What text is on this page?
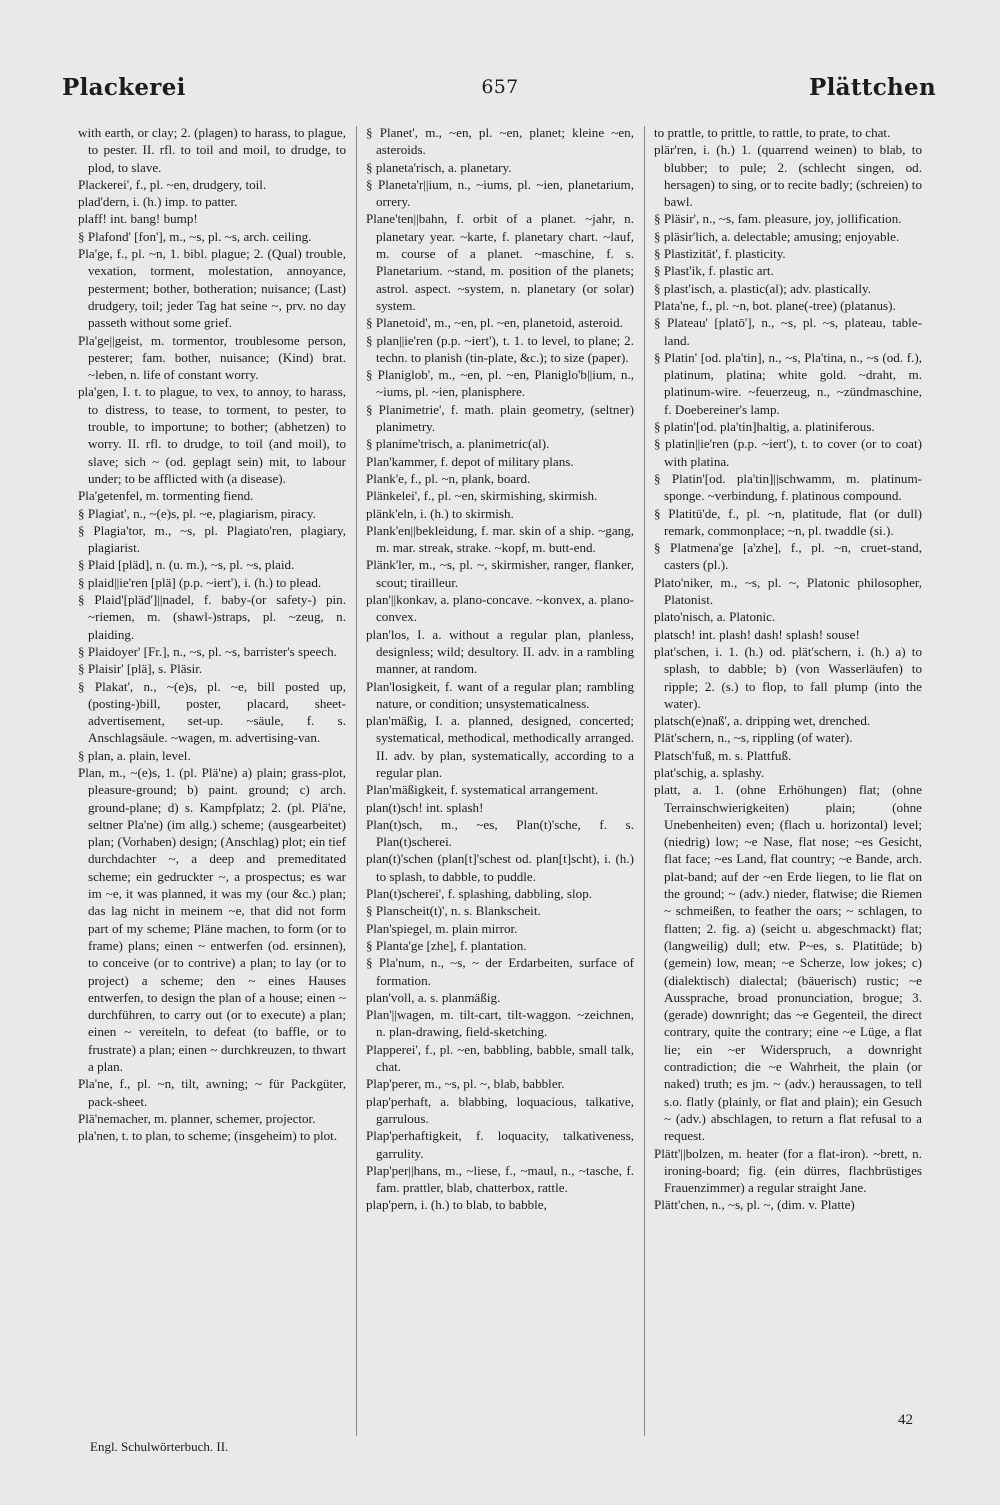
Plackerei	657	Plättchen

with earth, or clay; 2. (plagen) to harass, to plague, to pester. II. rfl. to toil and moil, to drudge, to plod, to slave.

Plackerei', f., pl. ~en, drudgery, toil.

plad'dern, i. (h.) imp. to patter.

plaff! int. bang! bump!

§ Plafond' [fon'], m., ~s, pl. ~s, arch. ceiling.

Pla'ge, f., pl. ~n, 1. bibl. plague; 2. (Qual) trouble, vexation, torment, molestation, annoyance, pesterment; bother, botheration; nuisance; (Last) drudgery, toil; jeder Tag hat seine ~, prv. no day passeth without some grief.

Pla'ge||geist, m. tormentor, troublesome person, pesterer; fam. bother, nuisance; (Kind) brat. ~leben, n. life of constant worry.

pla'gen, I. t. to plague, to vex, to annoy, to harass, to distress, to tease, to torment, to pester, to trouble, to importune; to bother; (abhetzen) to worry. II. rfl. to drudge, to toil (and moil), to slave; sich ~ (od. geplagt sein) mit, to labour under; to be afflicted with (a disease).

Pla'getenfel, m. tormenting fiend.

§ Plagiat', n., ~(e)s, pl. ~e, plagiarism, piracy.

§ Plagia'tor, m., ~s, pl. Plagiato'ren, plagiary, plagiarist.

§ Plaid [pläd], n. (u. m.), ~s, pl. ~s, plaid.

§ plaid||ie'ren [plä] (p.p. ~iert'), i. (h.) to plead.

§ Plaid'[pläd']||nadel, f. baby-(or safety-) pin. ~riemen, m. (shawl-)straps, pl. ~zeug, n. plaiding.

§ Plaidoyer' [Fr.], n., ~s, pl. ~s, barrister's speech.

§ Plaisir' [plä], s. Pläsir.

§ Plakat', n., ~(e)s, pl. ~e, bill posted up, (posting-)bill, poster, placard, sheet-advertisement, set-up. ~säule, f. s. Anschlagsäule. ~wagen, m. advertising-van.

§ plan, a. plain, level.

Plan, m., ~(e)s, 1. (pl. Plä'ne) a) plain; grass-plot, pleasure-ground; b) paint. ground; c) arch. ground-plane; d) s. Kampfplatz; 2. (pl. Plä'ne, seltner Pla'ne) (im allg.) scheme; (ausgearbeitet) plan; (Vorhaben) design; (Anschlag) plot; ein tief durchdachter ~, a deep and premeditated scheme; ein gedruckter ~, a prospectus; es war im ~e, it was planned, it was my (our &c.) plan; das lag nicht in meinem ~e, that did not form part of my scheme; Pläne machen, to form (or to frame) plans; einen ~ entwerfen (od. ersinnen), to conceive (or to contrive) a plan; to lay (or to project) a scheme; den ~ eines Hauses entwerfen, to design the plan of a house; einen ~ durchführen, to carry out (or to execute) a plan; einen ~ vereiteln, to defeat (to baffle, or to frustrate) a plan; einen ~ durchkreuzen, to thwart a plan.

Pla'ne, f., pl. ~n, tilt, awning; ~ für Packgüter, pack-sheet.

Plä'nemacher, m. planner, schemer, projector.

pla'nen, t. to plan, to scheme; (insgeheim) to plot.

§ Planet', m., ~en, pl. ~en, planet; kleine ~en, asteroids.

§ planeta'risch, a. planetary.

§ Planeta'r||ium, n., ~iums, pl. ~ien, planetarium, orrery.

Plane'ten||bahn, f. orbit of a planet. ~jahr, n. planetary year. ~karte, f. planetary chart. ~lauf, m. course of a planet. ~maschine, f. s. Planetarium. ~stand, m. position of the planets; astrol. aspect. ~system, n. planetary (or solar) system.

§ Planetoid', m., ~en, pl. ~en, planetoid, asteroid.

§ plan||ie'ren (p.p. ~iert'), t. 1. to level, to plane; 2. techn. to planish (tin-plate, &c.); to size (paper).

§ Planiglob', m., ~en, pl. ~en, Planiglo'b||ium, n., ~iums, pl. ~ien, planisphere.

§ Planimetrie', f. math. plain geometry, (seltner) planimetry.

§ planime'trisch, a. planimetric(al).

Plan'kammer, f. depot of military plans.

Plank'e, f., pl. ~n, plank, board.

Plänkelei', f., pl. ~en, skirmishing, skirmish.

plänk'eln, i. (h.) to skirmish.

Plank'en||bekleidung, f. mar. skin of a ship. ~gang, m. mar. streak, strake. ~kopf, m. butt-end.

Plänk'ler, m., ~s, pl. ~, skirmisher, ranger, flanker, scout; tirailleur.

plan'||konkav, a. plano-concave. ~konvex, a. plano-convex.

plan'los, I. a. without a regular plan, planless, designless; wild; desultory. II. adv. in a rambling manner, at random.

Plan'losigkeit, f. want of a regular plan; rambling nature, or condition; unsystematicalness.

plan'mäßig, I. a. planned, designed, concerted; systematical, methodical, methodically arranged. II. adv. by plan, systematically, according to a regular plan.

Plan'mäßigkeit, f. systematical arrangement.

plan(t)sch! int. splash!

Plan(t)sch, m., ~es, Plan(t)'sche, f. s. Plan(t)scherei.

plan(t)'schen (plan[t]'schest od. plan[t]scht), i. (h.) to splash, to dabble, to puddle.

Plan(t)scherei', f. splashing, dabbling, slop.

§ Planscheit(t)', n. s. Blankscheit.

Plan'spiegel, m. plain mirror.

§ Planta'ge [zhe], f. plantation.

§ Pla'num, n., ~s, ~ der Erdarbeiten, surface of formation.

plan'voll, a. s. planmäßig.

Plan'||wagen, m. tilt-cart, tilt-waggon. ~zeichnen, n. plan-drawing, field-sketching.

Plapperei', f., pl. ~en, babbling, babble, small talk, chat.

Plap'perer, m., ~s, pl. ~, blab, babbler.

plap'perhaft, a. blabbing, loquacious, talkative, garrulous.

Plap'perhaftigkeit, f. loquacity, talkativeness, garrulity.

Plap'per||hans, m., ~liese, f., ~maul, n., ~tasche, f. fam. prattler, blab, chatterbox, rattle.

plap'pern, i. (h.) to blab, to babble,

to prattle, to prittle, to rattle, to prate, to chat.

plär'ren, i. (h.) 1. (quarrend weinen) to blab, to blubber; to pule; 2. (schlecht singen, od. hersagen) to sing, or to recite badly; (schreien) to bawl.

§ Pläsir', n., ~s, fam. pleasure, joy, jollification.

§ pläsir'lich, a. delectable; amusing; enjoyable.

§ Plastizität', f. plasticity.

§ Plast'ik, f. plastic art.

§ plast'isch, a. plastic(al); adv. plastically.

Plata'ne, f., pl. ~n, bot. plane(-tree) (platanus).

§ Plateau' [platō'], n., ~s, pl. ~s, plateau, table-land.

§ Platin' [od. pla'tin], n., ~s, Pla'tina, n., ~s (od. f.), platinum, platina; white gold. ~draht, m. platinum-wire. ~feuerzeug, n., ~zündmaschine, f. Doebereiner's lamp.

§ platin'[od. pla'tin]haltig, a. platiniferous.

§ platin||ie'ren (p.p. ~iert'), t. to cover (or to coat) with platina.

§ Platin'[od. pla'tin]||schwamm, m. platinum-sponge. ~verbindung, f. platinous compound.

§ Platitü'de, f., pl. ~n, platitude, flat (or dull) remark, commonplace; ~n, pl. twaddle (si.).

§ Platmena'ge [a'zhe], f., pl. ~n, cruet-stand, casters (pl.).

Plato'niker, m., ~s, pl. ~, Platonic philosopher, Platonist.

plato'nisch, a. Platonic.

platsch! int. plash! dash! splash! souse!

plat'schen, i. 1. (h.) od. plät'schern, i. (h.) a) to splash, to dabble; b) (von Wasserläufen) to ripple; 2. (s.) to flop, to fall plump (into the water).

platsch(e)naß', a. dripping wet, drenched.

Plät'schern, n., ~s, rippling (of water).

Platsch'fuß, m. s. Plattfuß.

plat'schig, a. splashy.

platt, a. 1. (ohne Erhöhungen) flat; (ohne Terrainschwierigkeiten) plain; (ohne Unebenheiten) even; (flach u. horizontal) level; (niedrig) low; ~e Nase, flat nose; ~es Gesicht, flat face; ~es Land, flat country; ~e Bande, arch. plat-band; auf der ~en Erde liegen, to lie flat on the ground; ~ (adv.) nieder, flatwise; die Riemen ~ schmeißen, to feather the oars; ~ schlagen, to flatten; 2. fig. a) (seicht u. abgeschmackt) flat; (langweilig) dull; etw. P~es, s. Platitüde; b) (gemein) low, mean; ~e Scherze, low jokes; c) (dialektisch) dialectal; (bäuerisch) rustic; ~e Aussprache, broad pronunciation, brogue; 3. (gerade) downright; das ~e Gegenteil, the direct contrary, quite the contrary; eine ~e Lüge, a flat lie; ein ~er Widerspruch, a downright contradiction; die ~e Wahrheit, the plain (or naked) truth; es jm. ~ (adv.) heraussagen, to tell s.o. flatly (plainly, or flat and plain); ein Gesuch ~ (adv.) abschlagen, to return a flat refusal to a request.

Plätt'||bolzen, m. heater (for a flat-iron). ~brett, n. ironing-board; fig. (ein dürres, flachbrüstiges Frauenzimmer) a regular straight Jane.

Plätt'chen, n., ~s, pl. ~, (dim. v. Platte)

Engl. Schulwörterbuch. II.
42
